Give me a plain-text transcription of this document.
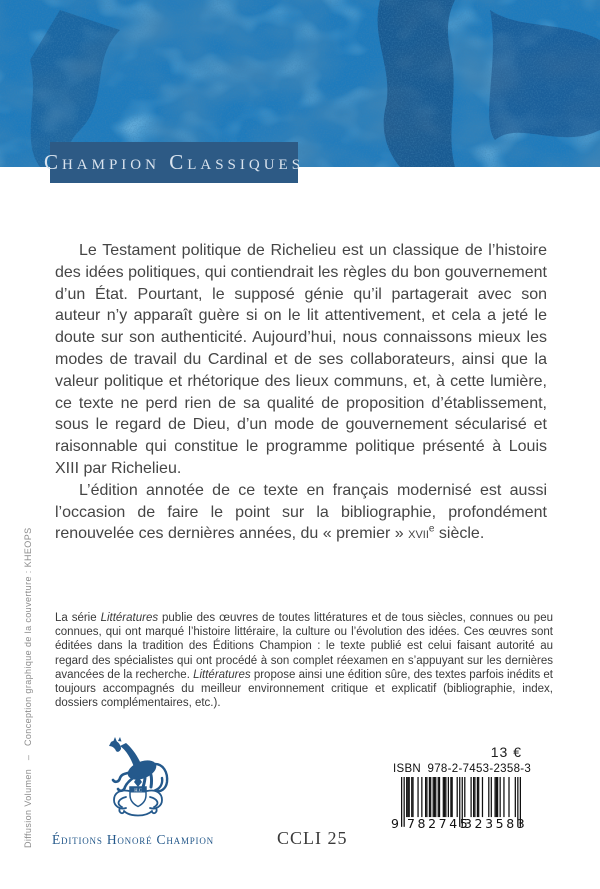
Champion Classiques

Le Testament politique de Richelieu est un classique de l’histoire des idées politiques, qui contiendrait les règles du bon gouvernement d’un État. Pourtant, le supposé génie qu’il partagerait avec son auteur n’y apparaît guère si on le lit attentivement, et cela a jeté le doute sur son authenticité. Aujourd’hui, nous connaissons mieux les modes de travail du Cardinal et de ses collaborateurs, ainsi que la valeur politique et rhétorique des lieux communs, et, à cette lumière, ce texte ne perd rien de sa qualité de proposition d’établissement, sous le regard de Dieu, d’un mode de gouvernement sécularisé et raisonnable qui constitue le programme politique présenté à Louis XIII par Richelieu.

L’édition annotée de ce texte en français modernisé est aussi l’occasion de faire le point sur la bibliographie, profondément renouvelée ces dernières années, du « premier » xvii$^e$ siècle.

La série Littératures publie des œuvres de toutes littératures et de tous siècles, connues ou peu connues, qui ont marqué l’histoire littéraire, la culture ou l’évolution des idées. Ces œuvres sont éditées dans la tradition des Éditions Champion : le texte publié est celui faisant autorité au regard des spécialistes qui ont procédé à son complet réexamen en s’appuyant sur les dernières avancées de la recherche. Littératures propose ainsi une édition sûre, des textes parfois inédits et toujours accompagnés du meilleur environnement critique et explicatif (bibliographie, index, dossiers complémentaires, etc.).
Diffusion Volumen   –   Conception graphique de la couverture : KHEOPS	H.C
Éditions Honoré Champion	CCLI 25
13 €
ISBN 978-2-7453-2358-3
9 782745
323583
